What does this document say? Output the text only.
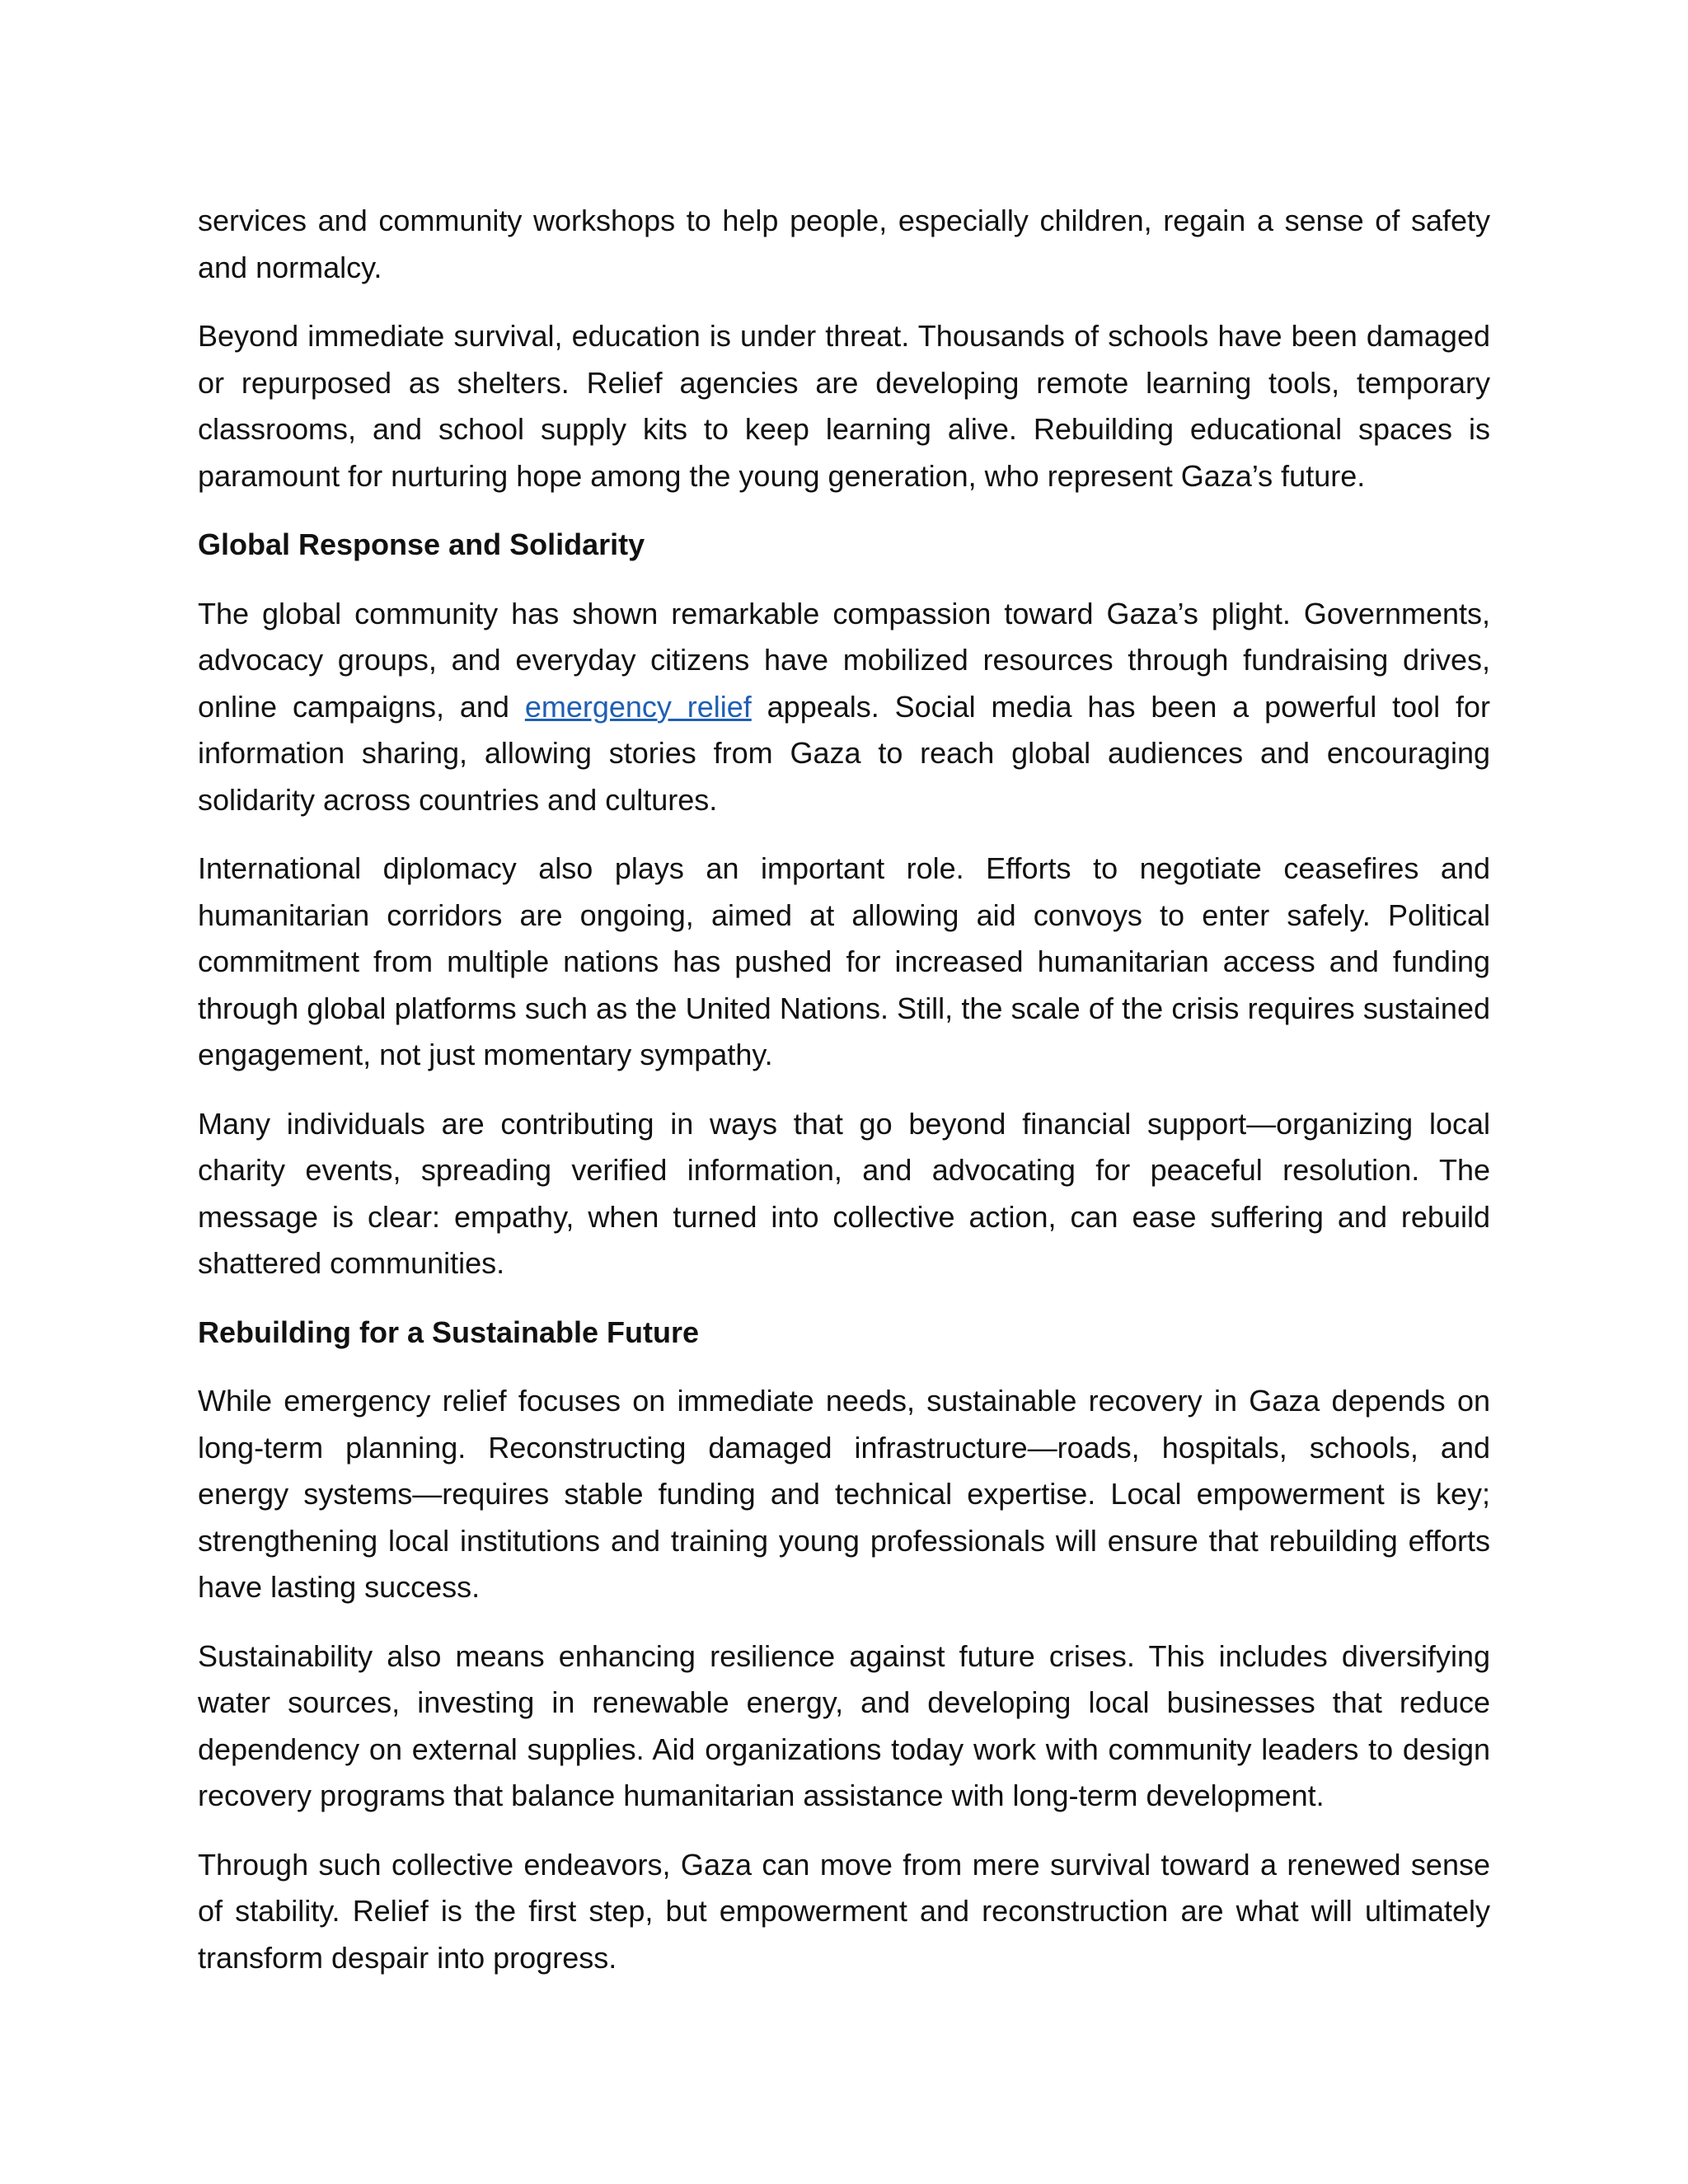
services and community workshops to help people, especially children, regain a sense of safety and normalcy.

Beyond immediate survival, education is under threat. Thousands of schools have been damaged or repurposed as shelters. Relief agencies are developing remote learning tools, temporary classrooms, and school supply kits to keep learning alive. Rebuilding educational spaces is paramount for nurturing hope among the young generation, who represent Gaza’s future.

Global Response and Solidarity

The global community has shown remarkable compassion toward Gaza’s plight. Governments, advocacy groups, and everyday citizens have mobilized resources through fundraising drives, online campaigns, and emergency relief appeals. Social media has been a powerful tool for information sharing, allowing stories from Gaza to reach global audiences and encouraging solidarity across countries and cultures.

International diplomacy also plays an important role. Efforts to negotiate ceasefires and humanitarian corridors are ongoing, aimed at allowing aid convoys to enter safely. Political commitment from multiple nations has pushed for increased humanitarian access and funding through global platforms such as the United Nations. Still, the scale of the crisis requires sustained engagement, not just momentary sympathy.

Many individuals are contributing in ways that go beyond financial support—organizing local charity events, spreading verified information, and advocating for peaceful resolution. The message is clear: empathy, when turned into collective action, can ease suffering and rebuild shattered communities.

Rebuilding for a Sustainable Future

While emergency relief focuses on immediate needs, sustainable recovery in Gaza depends on long-term planning. Reconstructing damaged infrastructure—roads, hospitals, schools, and energy systems—requires stable funding and technical expertise. Local empowerment is key; strengthening local institutions and training young professionals will ensure that rebuilding efforts have lasting success.

Sustainability also means enhancing resilience against future crises. This includes diversifying water sources, investing in renewable energy, and developing local businesses that reduce dependency on external supplies. Aid organizations today work with community leaders to design recovery programs that balance humanitarian assistance with long-term development.

Through such collective endeavors, Gaza can move from mere survival toward a renewed sense of stability. Relief is the first step, but empowerment and reconstruction are what will ultimately transform despair into progress.
